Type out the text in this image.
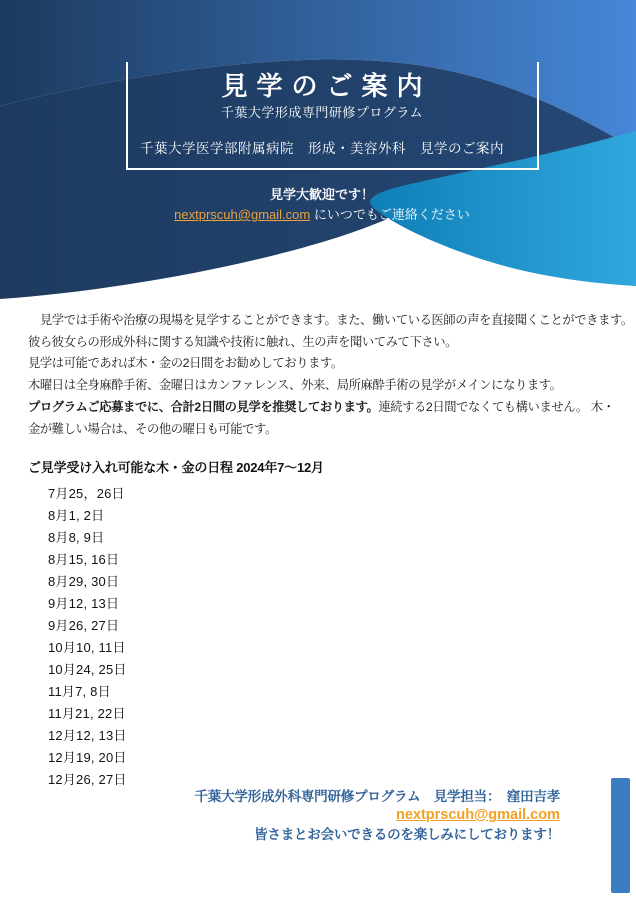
見学のご案内
千葉大学形成専門研修プログラム
千葉大学医学部附属病院　形成・美容外科　見学のご案内
見学大歓迎です！
nextprscuh@gmail.com にいつでもご連絡ください
　見学では手術や治療の現場を見学することができます。また、働いている医師の声を直接聞くことができます。
彼ら彼女らの形成外科に関する知識や技術に触れ、生の声を聞いてみて下さい。
見学は可能であれば木・金の2日間をお勧めしております。
木曜日は全身麻酔手術、金曜日はカンファレンス、外来、局所麻酔手術の見学がメインになります。
プログラムご応募までに、合計2日間の見学を推奨しております。連続する2日間でなくても構いません。 木・金が難しい場合は、その他の曜日も可能です。
ご見学受け入れ可能な木・金の日程 2024年7～12月
7月25，26日
8月1, 2日
8月8, 9日
8月15, 16日
8月29, 30日
9月12, 13日
9月26, 27日
10月10, 11日
10月24, 25日
11月7, 8日
11月21, 22日
12月12, 13日
12月19, 20日
12月26, 27日
千葉大学形成外科専門研修プログラム　見学担当：　窪田吉孝
nextprscuh@gmail.com
皆さまとお会いできるのを楽しみにしております！
